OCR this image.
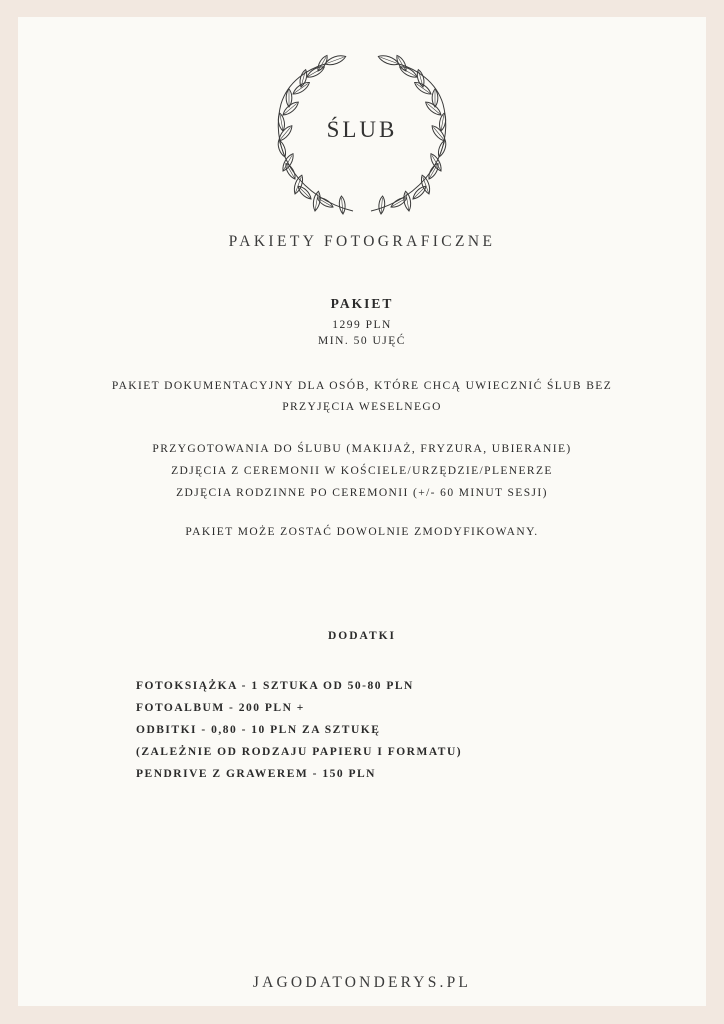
ŚLUB
PAKIETY FOTOGRAFICZNE
PAKIET
1299 PLN
MIN. 50 UJĘĆ
PAKIET DOKUMENTACYJNY DLA OSÓB, KTÓRE CHCĄ UWIECZNIĆ ŚLUB BEZ
PRZYJĘCIA WESELNEGO
PRZYGOTOWANIA DO ŚLUBU (MAKIJAŻ, FRYZURA, UBIERANIE)
ZDJĘCIA Z CEREMONII W KOŚCIELE/URZĘDZIE/PLENERZE
ZDJĘCIA RODZINNE PO CEREMONII (+/- 60 MINUT SESJI)
PAKIET MOŻE ZOSTAĆ DOWOLNIE ZMODYFIKOWANY.
DODATKI
FOTOKSIĄŻKA - 1 SZTUKA OD 50-80 PLN
FOTOALBUM - 200 PLN +
ODBITKI - 0,80 - 10 PLN ZA SZTUKĘ
(ZALEŻNIE OD RODZAJU PAPIERU I FORMATU)
PENDRIVE Z GRAWEREM - 150 PLN
JAGODATONDERYS.PL
